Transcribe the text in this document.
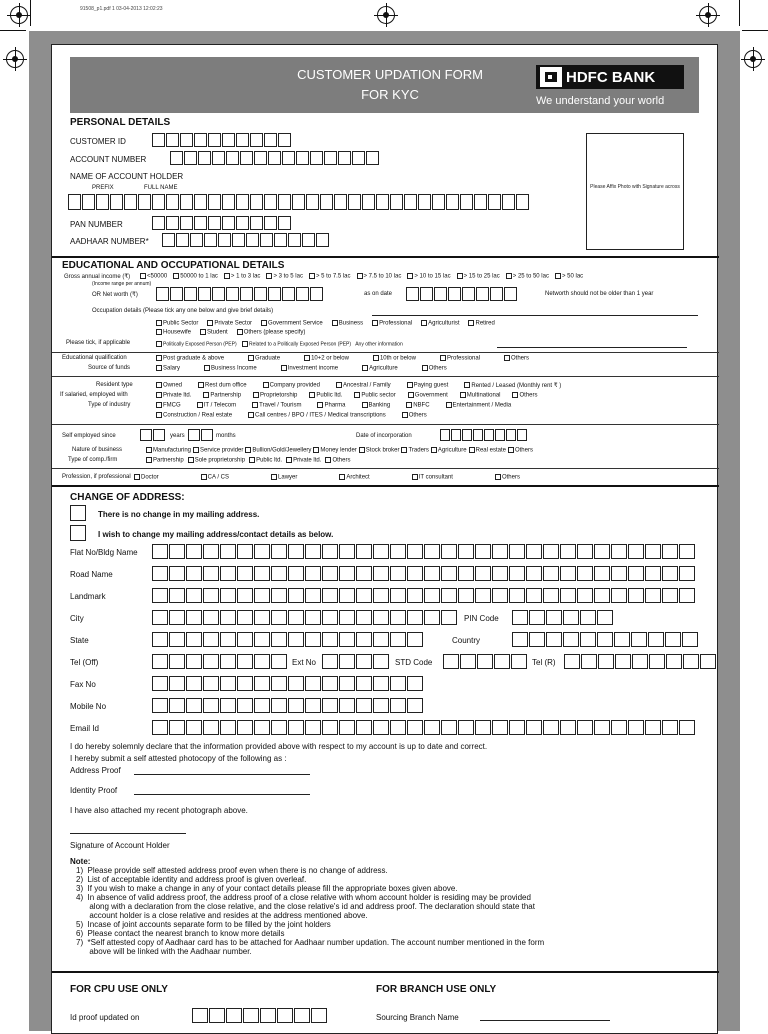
91508_p1.pdf 1 03-04-2013 12:02:23
CUSTOMER UPDATION FORM
FOR KYC
HDFC BANK
We understand your world
PERSONAL DETAILS
CUSTOMER ID
ACCOUNT NUMBER
NAME OF ACCOUNT HOLDER
PREFIX	FULL NAME
PAN NUMBER
AADHAAR NUMBER*
Please Affix Photo with Signature across
EDUCATIONAL AND OCCUPATIONAL DETAILS
Gross annual income (₹)
(Income range per annum)
<50000	50000 to 1 lac	> 1 to 3 lac	> 3 to 5 lac	> 5 to 7.5 lac	> 7.5 to 10 lac	> 10 to 15 lac	> 15 to 25 lac	> 25 to 50 lac	> 50 lac
OR Net worth (₹)	as on date	Networth should not be older than 1 year
Occupation details (Please tick any one below and give brief details)
Public Sector	Private Sector	Government Service	Business	Professional	Agriculturist	Retired
Housewife	Student	Others (please specify)
Please tick, if applicable	Politically Exposed Person (PEP) Related to a Politically Exposed Person (PEP) Any other information
Educational qualification	Post graduate & above	Graduate	10+2 or below	10th or below	Professional	Others
Source of funds	Salary	Business Income	Investment income	Agriculture	Others
Resident type	Owned	Rest dum office	Company provided	Ancestral / Family	Paying guest	Rented / Leased (Monthly rent ₹ )
If salaried, employed with	Private ltd.	Partnership	Proprietorship	Public ltd.	Public sector	Government	Multinational	Others
Type of industry	FMCG	IT / Telecom	Travel / Tourism	Pharma	Banking	NBFC	Entertainment / Media
Construction / Real estate	Call centres / BPO / ITES / Medical transcriptions	Others
Self employed since	years	months	Date of incorporation
Nature of business	Manufacturing	Service provider	Bullion/Gold/Jewellery	Money lender	Stock broker	Traders	Agriculture	Real estate	Others
Type of comp./firm	Partnership	Sole proprietorship	Public ltd.	Private ltd.	Others
Profession, if professional	Doctor	CA / CS	Lawyer	Architect	IT consultant	Others
CHANGE OF ADDRESS:
There is no change in my mailing address.
I wish to change my mailing address/contact details as below.
Flat No/Bldg Name
Road Name
Landmark
City	PIN Code
State	Country
Tel (Off)	Ext No	STD Code	Tel (R)
Fax No
Mobile No
Email Id
I do hereby solemnly declare that the information provided above with respect to my account is up to date and correct.
I hereby submit a self attested photocopy of the following as :
Address Proof
Identity Proof
I have also attached my recent photograph above.
Signature of Account Holder
Note:
1)  Please provide self attested address proof even when there is no change of address.
2)  List of acceptable identity and address proof is given overleaf.
3)  If you wish to make a change in any of your contact details please fill the appropriate boxes given above.
4)  In absence of valid address proof, the address proof of a close relative with whom account holder is residing may be provided
along with a declaration from the close relative, and the close relative's id and address proof. The declaration should state that
account holder is a close relative and resides at the address mentioned above.
5)  Incase of joint accounts separate form to be filled by the joint holders
6)  Please contact the nearest branch to know more details
7)  *Self attested copy of Aadhaar card has to be attached for Aadhaar number updation. The account number mentioned in the form
above will be linked with the Aadhaar number.
FOR CPU USE ONLY	FOR BRANCH USE ONLY
Id proof updated on	Sourcing Branch Name
